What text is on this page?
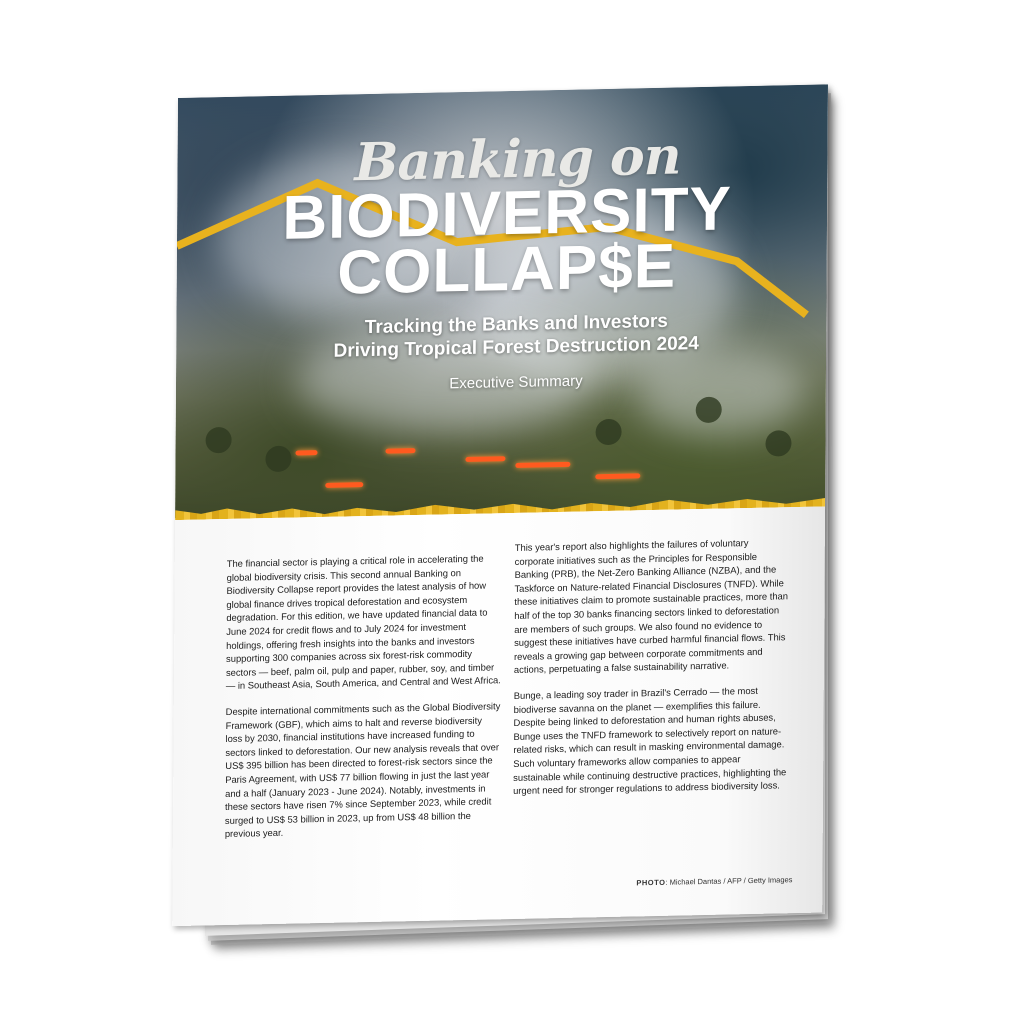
Banking on
BIODIVERSITY
COLLAP$E
Tracking the Banks and Investors
Driving Tropical Forest Destruction 2024
Executive Summary

The financial sector is playing a critical role in accelerating the global biodiversity crisis. This second annual Banking on Biodiversity Collapse report provides the latest analysis of how global finance drives tropical deforestation and ecosystem degradation. For this edition, we have updated financial data to June 2024 for credit flows and to July 2024 for investment holdings, offering fresh insights into the banks and investors supporting 300 companies across six forest-risk commodity sectors — beef, palm oil, pulp and paper, rubber, soy, and timber — in Southeast Asia, South America, and Central and West Africa.

Despite international commitments such as the Global Biodiversity Framework (GBF), which aims to halt and reverse biodiversity loss by 2030, financial institutions have increased funding to sectors linked to deforestation. Our new analysis reveals that over US$ 395 billion has been directed to forest-risk sectors since the Paris Agreement, with US$ 77 billion flowing in just the last year and a half (January 2023 - June 2024). Notably, investments in these sectors have risen 7% since September 2023, while credit surged to US$ 53 billion in 2023, up from US$ 48 billion the previous year.

This year's report also highlights the failures of voluntary corporate initiatives such as the Principles for Responsible Banking (PRB), the Net-Zero Banking Alliance (NZBA), and the Taskforce on Nature-related Financial Disclosures (TNFD). While these initiatives claim to promote sustainable practices, more than half of the top 30 banks financing sectors linked to deforestation are members of such groups. We also found no evidence to suggest these initiatives have curbed harmful financial flows. This reveals a growing gap between corporate commitments and actions, perpetuating a false sustainability narrative.

Bunge, a leading soy trader in Brazil's Cerrado — the most biodiverse savanna on the planet — exemplifies this failure. Despite being linked to deforestation and human rights abuses, Bunge uses the TNFD framework to selectively report on nature-related risks, which can result in masking environmental damage. Such voluntary frameworks allow companies to appear sustainable while continuing destructive practices, highlighting the urgent need for stronger regulations to address biodiversity loss.

PHOTO: Michael Dantas / AFP / Getty Images
